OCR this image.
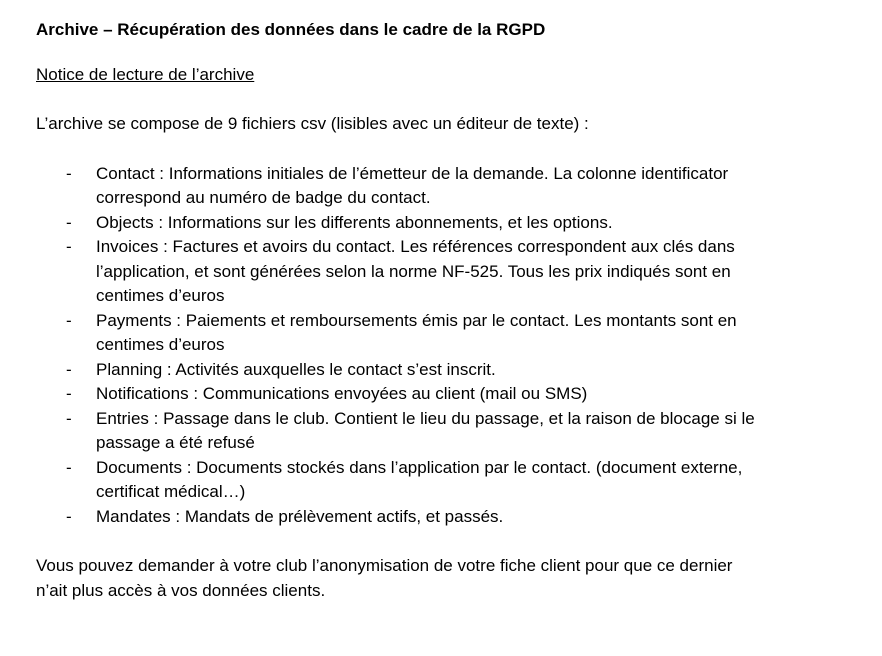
Archive – Récupération des données dans le cadre de la RGPD

Notice de lecture de l’archive

L’archive se compose de 9 fichiers csv (lisibles avec un éditeur de texte) :

- Contact : Informations initiales de l’émetteur de la demande. La colonne identificator correspond au numéro de badge du contact.
- Objects : Informations sur les differents abonnements, et les options.
- Invoices : Factures et avoirs du contact. Les références correspondent aux clés dans l’application, et sont générées selon la norme NF-525. Tous les prix indiqués sont en centimes d’euros
- Payments : Paiements et remboursements émis par le contact. Les montants sont en centimes d’euros
- Planning : Activités auxquelles le contact s’est inscrit.
- Notifications : Communications envoyées au client (mail ou SMS)
- Entries : Passage dans le club. Contient le lieu du passage, et la raison de blocage si le passage a été refusé
- Documents : Documents stockés dans l’application par le contact. (document externe, certificat médical…)
- Mandates : Mandats de prélèvement actifs, et passés.

Vous pouvez demander à votre club l’anonymisation de votre fiche client pour que ce dernier n’ait plus accès à vos données clients.
